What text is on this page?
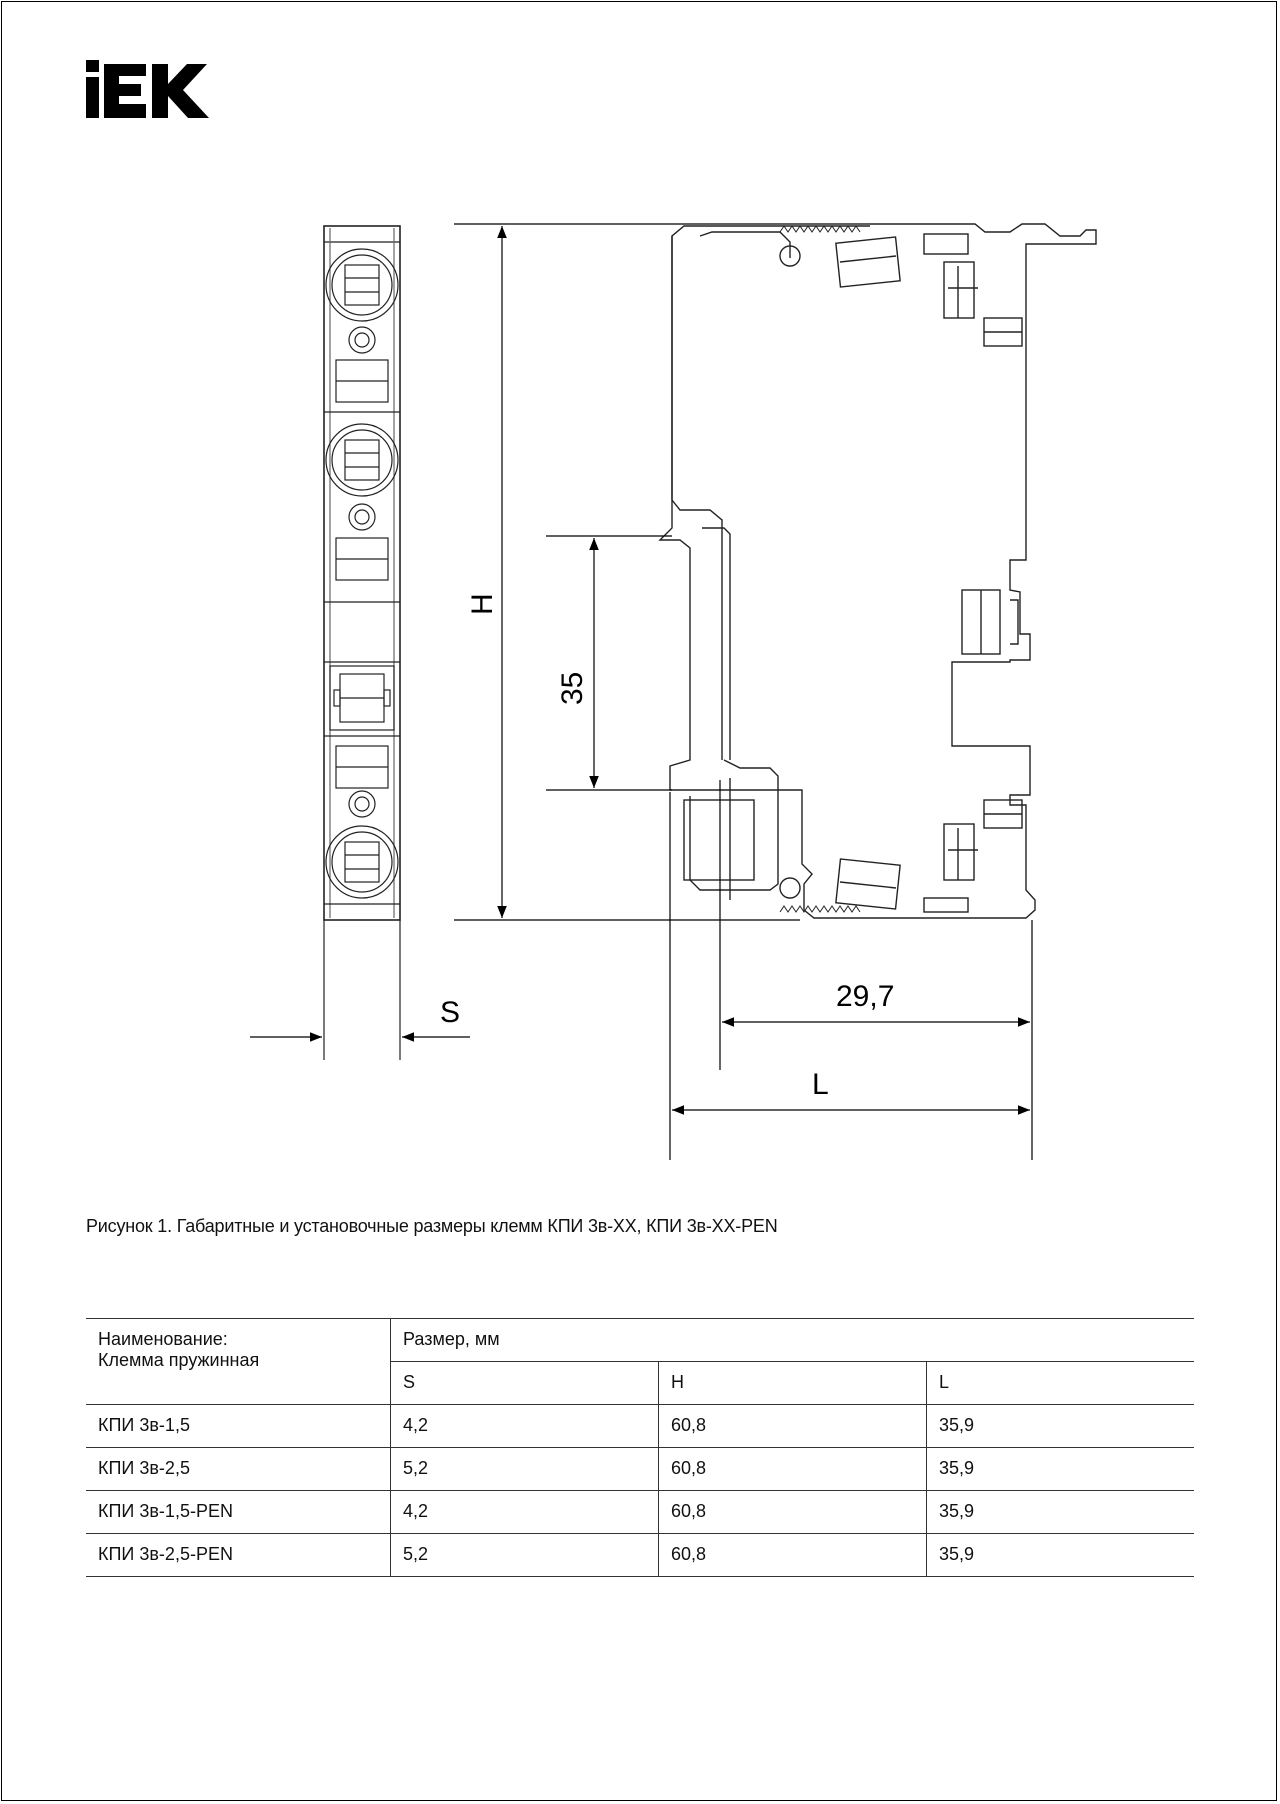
S
H
35
29,7
L
Рисунок 1. Габаритные и установочные размеры клемм КПИ 3в-XX, КПИ 3в-XX-PEN
Наименование:
Клемма пружинная	Размер, мм		
	S	H	L
КПИ 3в-1,5	4,2	60,8	35,9
КПИ 3в-2,5	5,2	60,8	35,9
КПИ 3в-1,5-PEN	4,2	60,8	35,9
КПИ 3в-2,5-PEN	5,2	60,8	35,9
